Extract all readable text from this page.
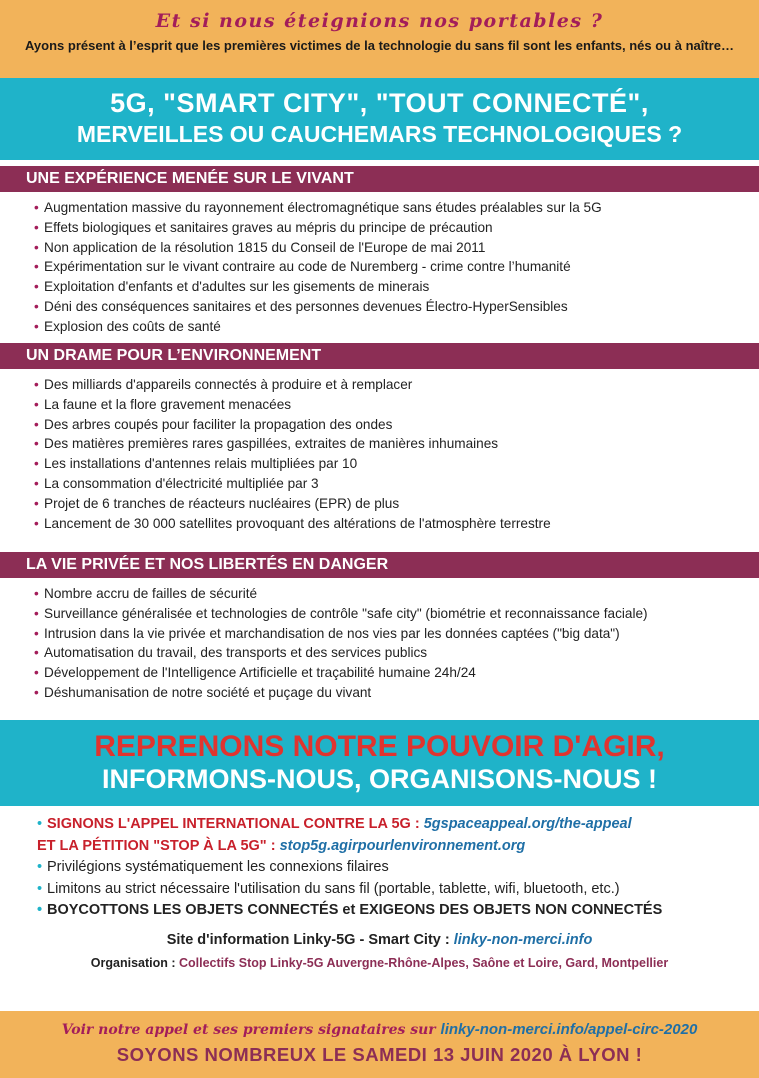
Et si nous éteignions nos portables ?
Ayons présent à l’esprit que les premières victimes de la technologie du sans fil sont les enfants, nés ou à naître…
5G, "SMART CITY", "TOUT CONNECTÉ",
MERVEILLES OU CAUCHEMARS TECHNOLOGIQUES ?
UNE EXPÉRIENCE MENÉE SUR LE VIVANT
• Augmentation massive du rayonnement électromagnétique sans études préalables sur la 5G
• Effets biologiques et sanitaires graves au mépris du principe de précaution
• Non application de la résolution 1815 du Conseil de l'Europe de mai 2011
• Expérimentation sur le vivant contraire au code de Nuremberg - crime contre l’humanité
• Exploitation d'enfants et d'adultes sur les gisements de minerais
• Déni des conséquences sanitaires et des personnes devenues Électro-HyperSensibles
• Explosion des coûts de santé
UN DRAME POUR L’ENVIRONNEMENT
• Des milliards d'appareils connectés à produire et à remplacer
• La faune et la flore gravement menacées
• Des arbres coupés pour faciliter la propagation des ondes
• Des matières premières rares gaspillées, extraites de manières inhumaines
• Les installations d'antennes relais multipliées par 10
• La consommation d'électricité multipliée par 3
• Projet de 6 tranches de réacteurs nucléaires (EPR) de plus
• Lancement de 30 000 satellites provoquant des altérations de l'atmosphère terrestre
LA VIE PRIVÉE ET NOS LIBERTÉS EN DANGER
• Nombre accru de failles de sécurité
• Surveillance généralisée et technologies de contrôle "safe city" (biométrie et reconnaissance faciale)
• Intrusion dans la vie privée et marchandisation de nos vies par les données captées ("big data")
• Automatisation du travail, des transports et des services publics
• Développement de l'Intelligence Artificielle et traçabilité humaine 24h/24
• Déshumanisation de notre société et puçage du vivant
REPRENONS NOTRE POUVOIR D'AGIR,
INFORMONS-NOUS, ORGANISONS-NOUS !
• SIGNONS L'APPEL INTERNATIONAL CONTRE LA 5G : 5gspaceappeal.org/the-appeal
ET LA PÉTITION "STOP À LA 5G" : stop5g.agirpourlenvironnement.org
• Privilégions systématiquement les connexions filaires
• Limitons au strict nécessaire l'utilisation du sans fil (portable, tablette, wifi, bluetooth, etc.)
• BOYCOTTONS LES OBJETS CONNECTÉS et EXIGEONS DES OBJETS NON CONNECTÉS
Site d'information Linky-5G - Smart City : linky-non-merci.info
Organisation : Collectifs Stop Linky-5G Auvergne-Rhône-Alpes, Saône et Loire, Gard, Montpellier
Voir notre appel et ses premiers signataires sur linky-non-merci.info/appel-circ-2020
SOYONS NOMBREUX LE SAMEDI 13 JUIN 2020 À LYON !
